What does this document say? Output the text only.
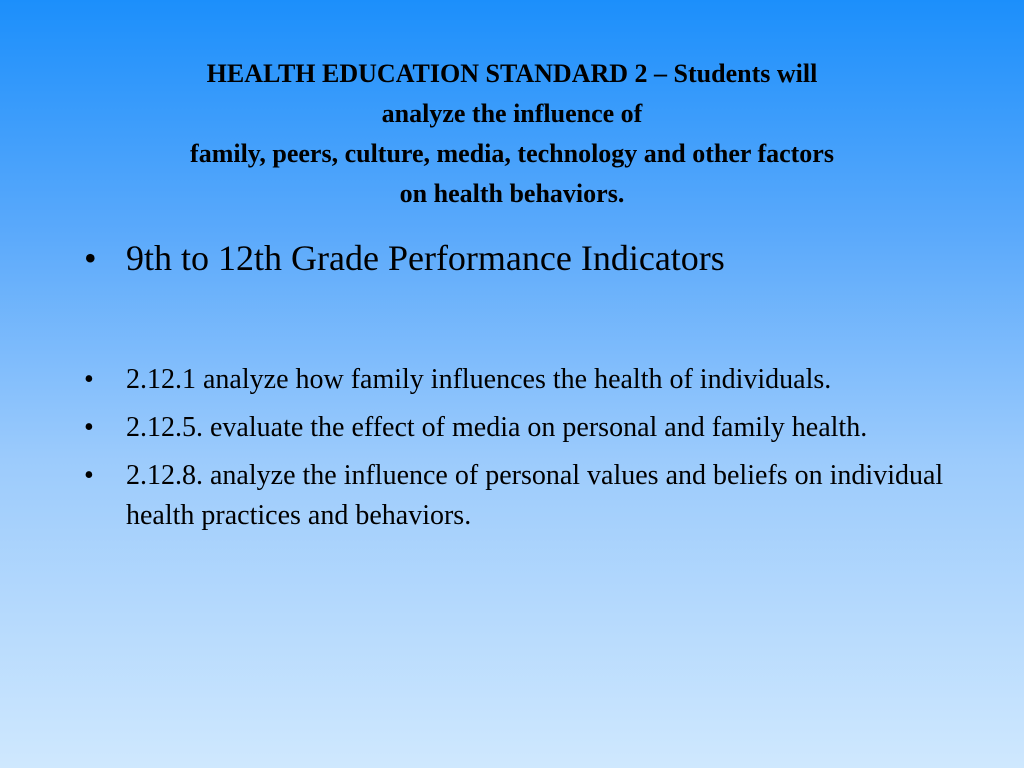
HEALTH EDUCATION STANDARD 2 – Students will
analyze the influence of
family, peers, culture, media, technology and other factors
on health behaviors.
• 9th to 12th Grade Performance Indicators
•	2.12.1 analyze how family influences the health of individuals.
•	2.12.5. evaluate the effect of media on personal and family health.
•	2.12.8. analyze the influence of personal values and beliefs on individual health practices and behaviors.
